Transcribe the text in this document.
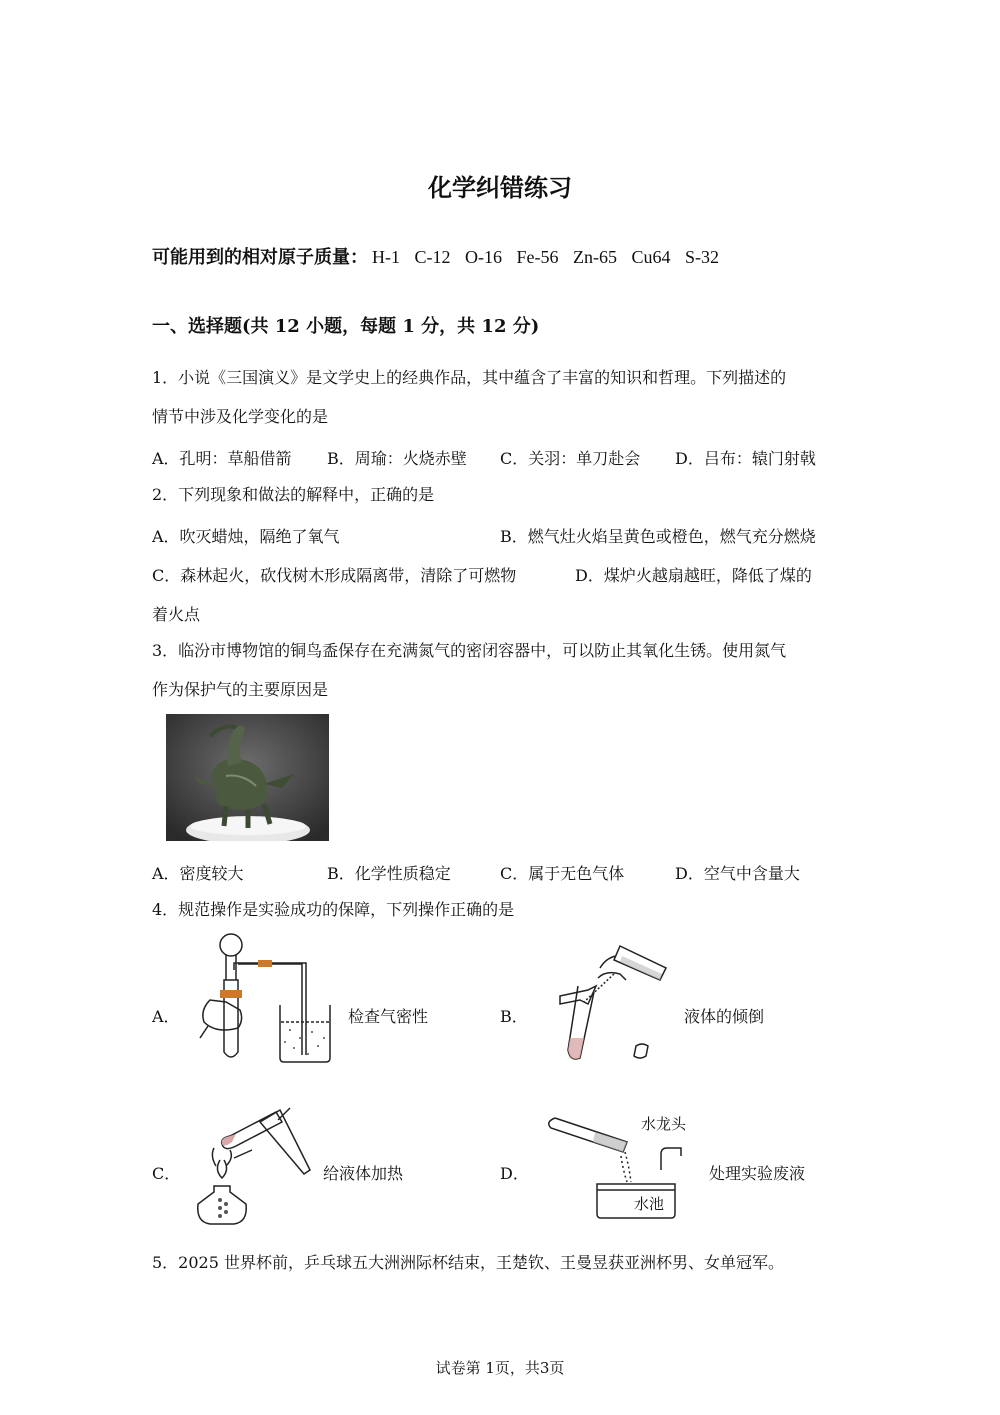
化学纠错练习
可能用到的相对原子质量： H-1 C-12 O-16 Fe-56 Zn-65 Cu64 S-32
一、选择题(共 12 小题，每题 1 分，共 12 分)
1．小说《三国演义》是文学史上的经典作品，其中蕴含了丰富的知识和哲理。下列描述的
情节中涉及化学变化的是
A．孔明：草船借箭 B．周瑜：火烧赤壁 C．关羽：单刀赴会 D．吕布：辕门射戟
2．下列现象和做法的解释中，正确的是
A．吹灭蜡烛，隔绝了氧气	B．燃气灶火焰呈黄色或橙色，燃气充分燃烧
C．森林起火，砍伐树木形成隔离带，清除了可燃物	D．煤炉火越扇越旺，降低了煤的
着火点
3．临汾市博物馆的铜鸟盉保存在充满氮气的密闭容器中，可以防止其氧化生锈。使用氮气
作为保护气的主要原因是
A．密度较大	B．化学性质稳定	C．属于无色气体	D．空气中含量大
4．规范操作是实验成功的保障，下列操作正确的是
A．	检查气密性	B．	液体的倾倒
C．	给液体加热	D．
水龙头
水池
处理实验废液
5．2025 世界杯前，乒乓球五大洲洲际杯结束，王楚钦、王曼昱获亚洲杯男、女单冠军。
试卷第 1页，共3页
